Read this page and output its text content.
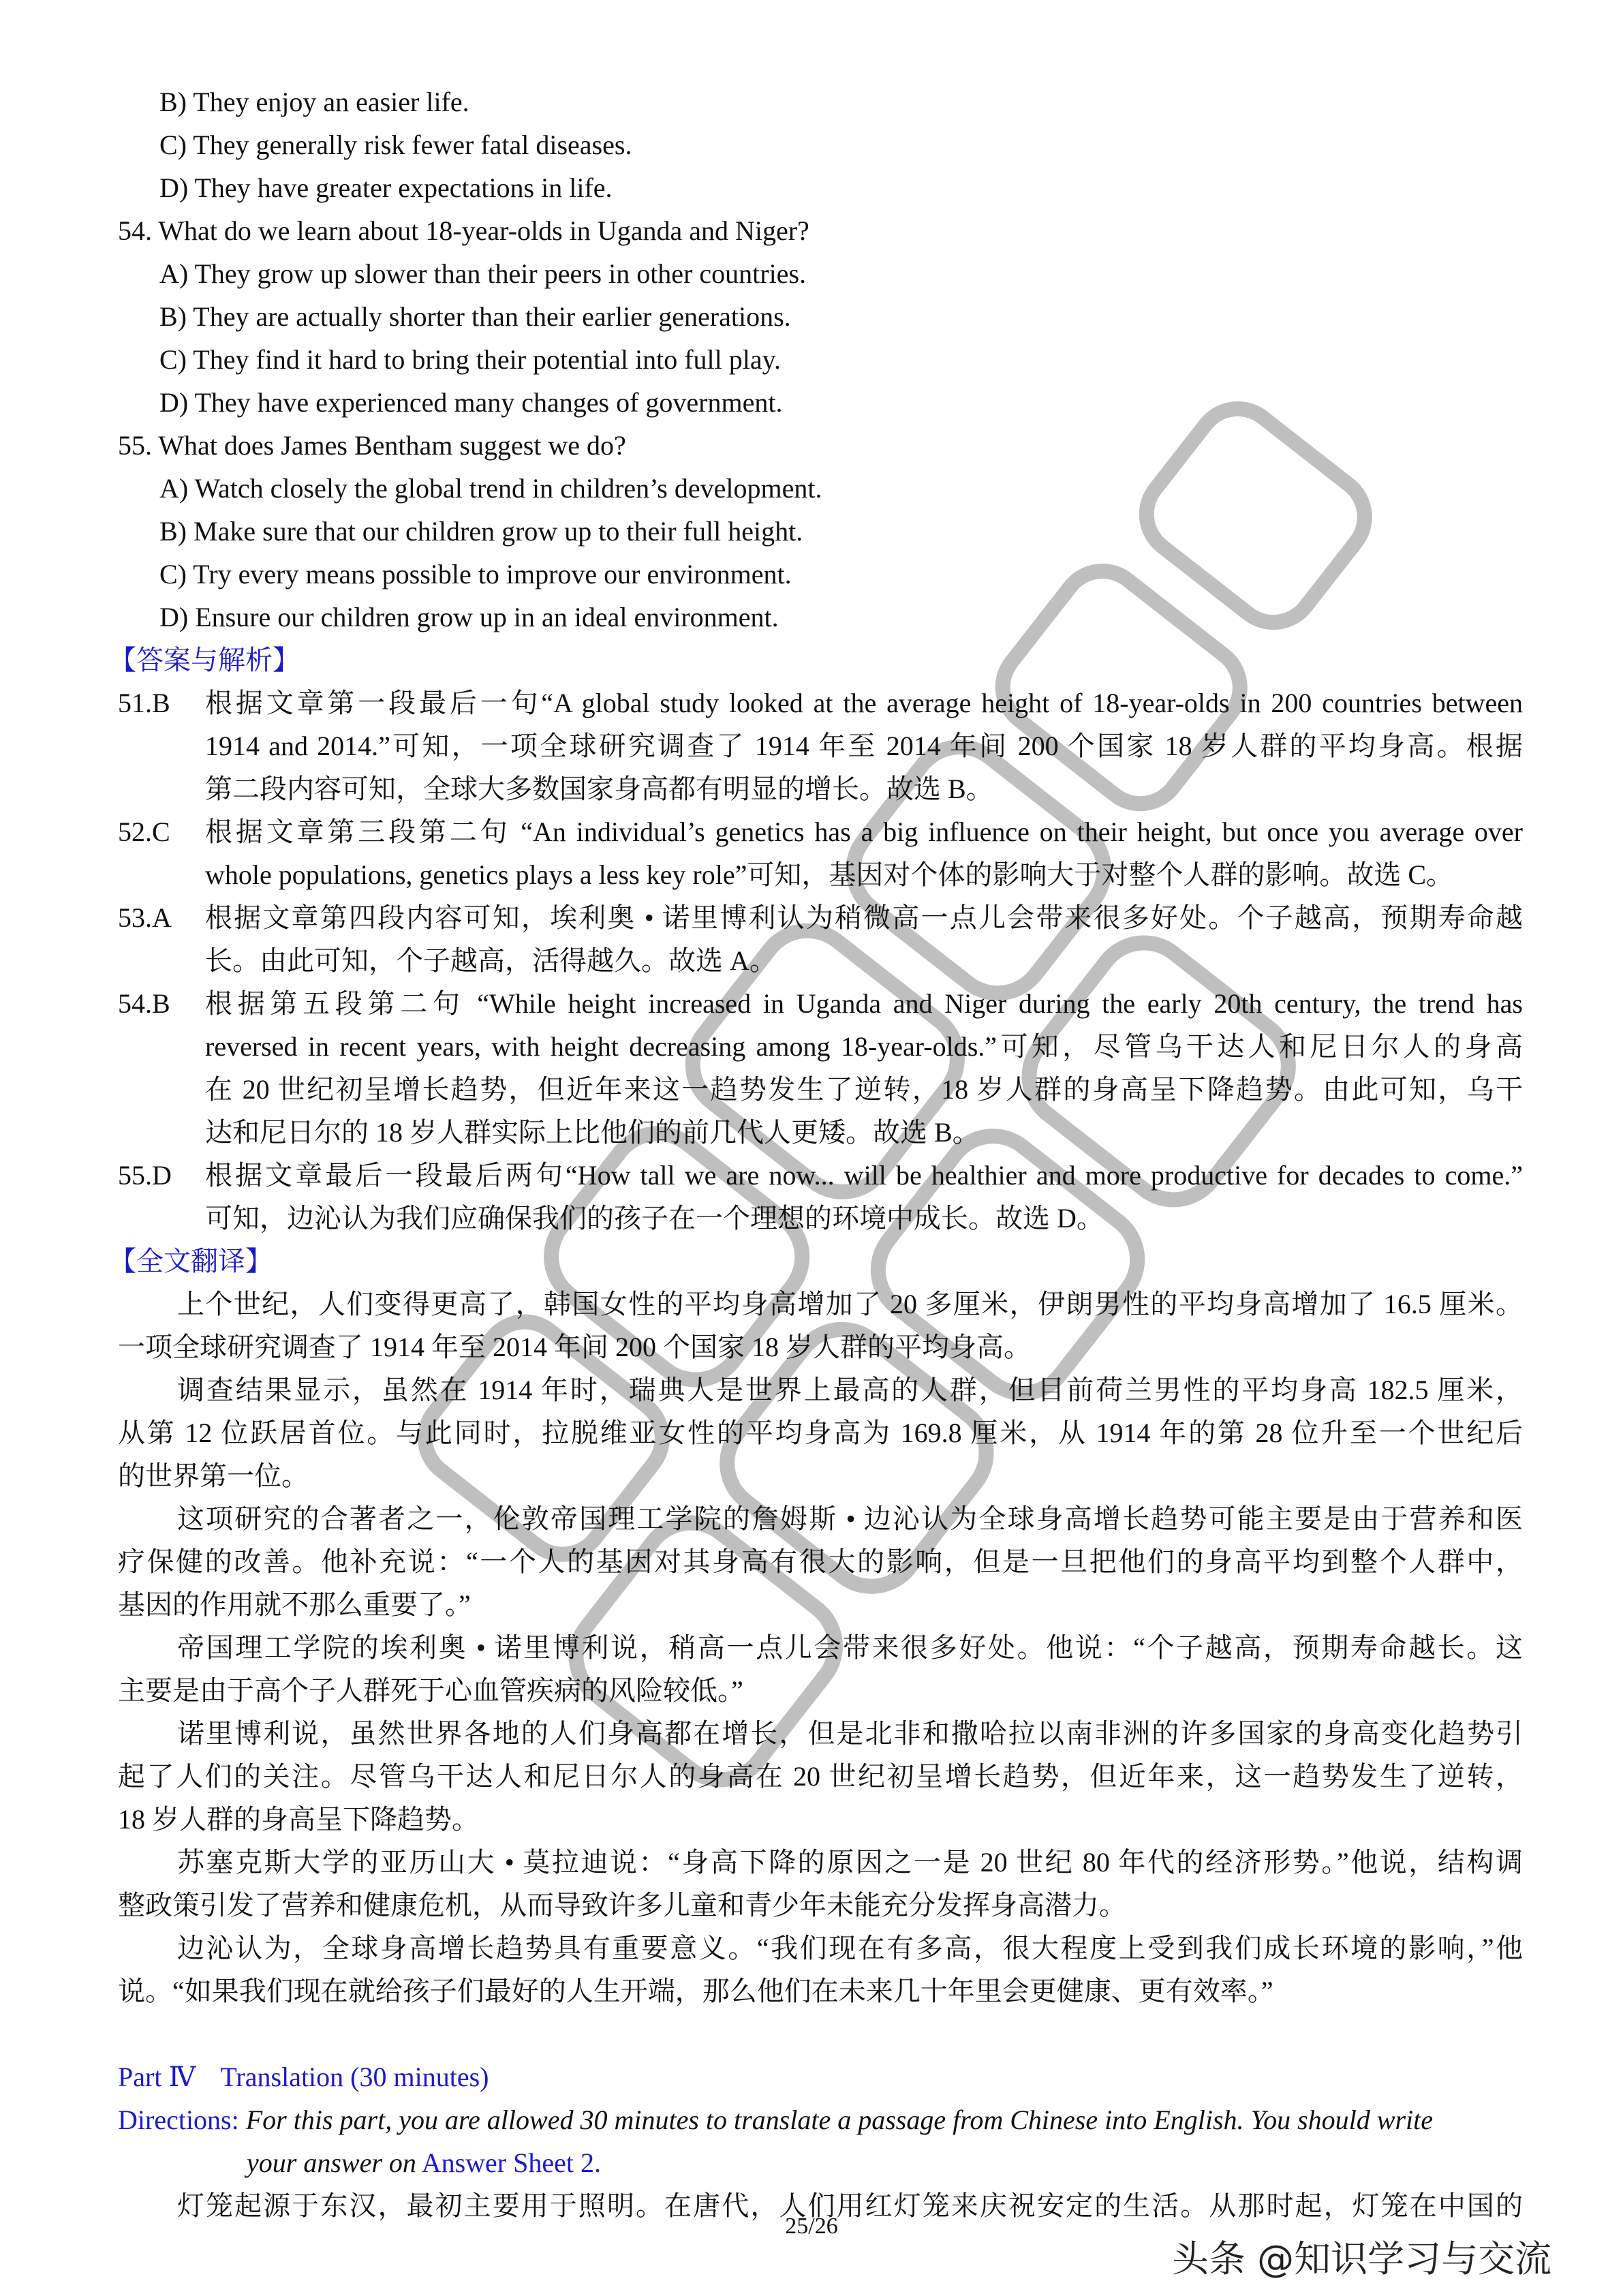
B) They enjoy an easier life.
C) They generally risk fewer fatal diseases.
D) They have greater expectations in life.
54. What do we learn about 18-year-olds in Uganda and Niger?
A) They grow up slower than their peers in other countries.
B) They are actually shorter than their earlier generations.
C) They find it hard to bring their potential into full play.
D) They have experienced many changes of government.
55. What does James Bentham suggest we do?
A) Watch closely the global trend in children’s development.
B) Make sure that our children grow up to their full height.
C) Try every means possible to improve our environment.
D) Ensure our children grow up in an ideal environment.
【答案与解析】
51.B 根据文章第一段最后一句“A global study looked at the average height of 18-year-olds in 200 countries between
1914 and 2014.”可知，一项全球研究调查了 1914 年至 2014 年间 200 个国家 18 岁人群的平均身高。根据
第二段内容可知，全球大多数国家身高都有明显的增长。故选 B。
52.C 根据文章第三段第二句 “An individual’s genetics has a big influence on their height, but once you average over
whole populations, genetics plays a less key role”可知，基因对个体的影响大于对整个人群的影响。故选 C。
53.A 根据文章第四段内容可知，埃利奥 • 诺里博利认为稍微高一点儿会带来很多好处。个子越高，预期寿命越
长。由此可知，个子越高，活得越久。故选 A。
54.B 根据第五段第二句 “While height increased in Uganda and Niger during the early 20th century, the trend has
reversed in recent years, with height decreasing among 18-year-olds.”可知，尽管乌干达人和尼日尔人的身高
在 20 世纪初呈增长趋势，但近年来这一趋势发生了逆转，18 岁人群的身高呈下降趋势。由此可知，乌干
达和尼日尔的 18 岁人群实际上比他们的前几代人更矮。故选 B。
55.D 根据文章最后一段最后两句“How tall we are now... will be healthier and more productive for decades to come.”
可知，边沁认为我们应确保我们的孩子在一个理想的环境中成长。故选 D。
【全文翻译】
上个世纪，人们变得更高了，韩国女性的平均身高增加了 20 多厘米，伊朗男性的平均身高增加了 16.5 厘米。
一项全球研究调查了 1914 年至 2014 年间 200 个国家 18 岁人群的平均身高。
调查结果显示，虽然在 1914 年时，瑞典人是世界上最高的人群，但目前荷兰男性的平均身高 182.5 厘米，
从第 12 位跃居首位。与此同时，拉脱维亚女性的平均身高为 169.8 厘米，从 1914 年的第 28 位升至一个世纪后
的世界第一位。
这项研究的合著者之一，伦敦帝国理工学院的詹姆斯 • 边沁认为全球身高增长趋势可能主要是由于营养和医
疗保健的改善。他补充说：“一个人的基因对其身高有很大的影响，但是一旦把他们的身高平均到整个人群中，
基因的作用就不那么重要了。”
帝国理工学院的埃利奥 • 诺里博利说，稍高一点儿会带来很多好处。他说：“个子越高，预期寿命越长。这
主要是由于高个子人群死于心血管疾病的风险较低。”
诺里博利说，虽然世界各地的人们身高都在增长，但是北非和撒哈拉以南非洲的许多国家的身高变化趋势引
起了人们的关注。尽管乌干达人和尼日尔人的身高在 20 世纪初呈增长趋势，但近年来，这一趋势发生了逆转，
18 岁人群的身高呈下降趋势。
苏塞克斯大学的亚历山大 • 莫拉迪说：“身高下降的原因之一是 20 世纪 80 年代的经济形势。”他说，结构调
整政策引发了营养和健康危机，从而导致许多儿童和青少年未能充分发挥身高潜力。
边沁认为，全球身高增长趋势具有重要意义。“我们现在有多高，很大程度上受到我们成长环境的影响，”他
说。“如果我们现在就给孩子们最好的人生开端，那么他们在未来几十年里会更健康、更有效率。”
Part Ⅳ Translation (30 minutes)
Directions: For this part, you are allowed 30 minutes to translate a passage from Chinese into English. You should write
your answer on Answer Sheet 2.
灯笼起源于东汉，最初主要用于照明。在唐代，人们用红灯笼来庆祝安定的生活。从那时起，灯笼在中国的
25/26
头条 @知识学习与交流
